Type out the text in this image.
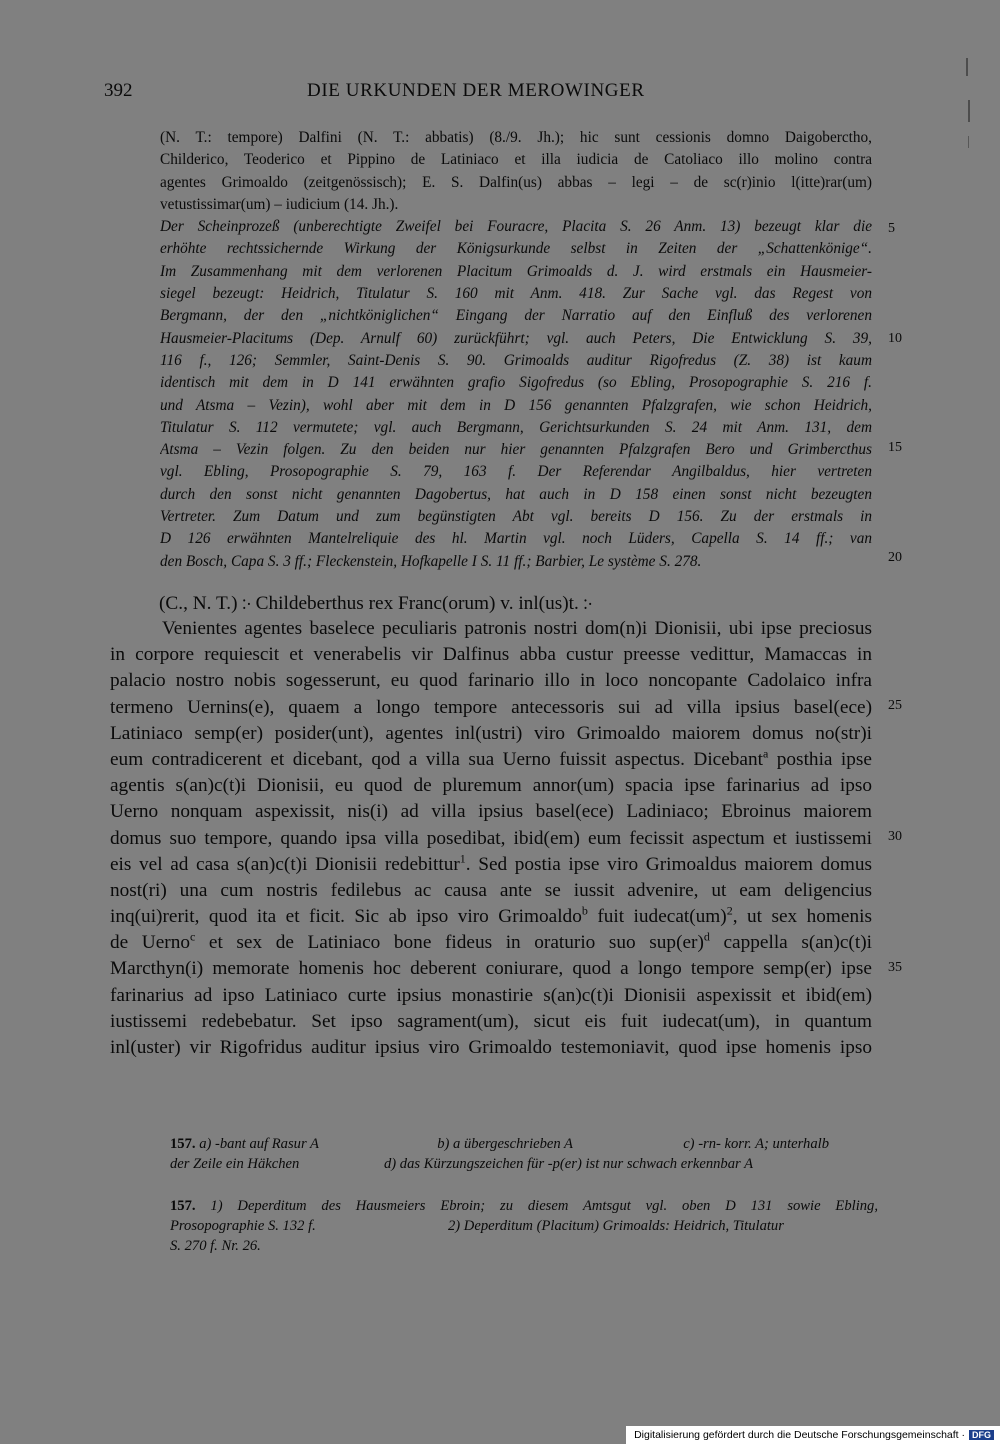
392	DIE URKUNDEN DER MEROWINGER
(N. T.: tempore) Dalfini (N. T.: abbatis) (8./9. Jh.); hic sunt cessionis domno Daigoberctho,
Childerico, Teoderico et Pippino de Latiniaco et illa iudicia de Catoliaco illo molino contra
agentes Grimoaldo (zeitgenössisch); E. S. Dalfin(us) abbas – legi – de sc(r)inio l(itte)rar(um)
vetustissimar(um) – iudicium (14. Jh.).
Der Scheinprozeß (unberechtigte Zweifel bei Fouracre, Placita S. 26 Anm. 13) bezeugt klar die
erhöhte rechtssichernde Wirkung der Königsurkunde selbst in Zeiten der „Schattenkönige“.
Im Zusammenhang mit dem verlorenen Placitum Grimoalds d. J. wird erstmals ein Hausmeier-
siegel bezeugt: Heidrich, Titulatur S. 160 mit Anm. 418. Zur Sache vgl. das Regest von
Bergmann, der den „nichtköniglichen“ Eingang der Narratio auf den Einfluß des verlorenen
Hausmeier-Placitums (Dep. Arnulf 60) zurückführt; vgl. auch Peters, Die Entwicklung S. 39,
116 f., 126; Semmler, Saint-Denis S. 90. Grimoalds auditur Rigofredus (Z. 38) ist kaum
identisch mit dem in D 141 erwähnten grafio Sigofredus (so Ebling, Prosopographie S. 216 f.
und Atsma – Vezin), wohl aber mit dem in D 156 genannten Pfalzgrafen, wie schon Heidrich,
Titulatur S. 112 vermutete; vgl. auch Bergmann, Gerichtsurkunden S. 24 mit Anm. 131, dem
Atsma – Vezin folgen. Zu den beiden nur hier genannten Pfalzgrafen Bero und Grimbercthus
vgl. Ebling, Prosopographie S. 79, 163 f. Der Referendar Angilbaldus, hier vertreten
durch den sonst nicht genannten Dagobertus, hat auch in D 158 einen sonst nicht bezeugten
Vertreter. Zum Datum und zum begünstigten Abt vgl. bereits D 156. Zu der erstmals in
D 126 erwähnten Mantelreliquie des hl. Martin vgl. noch Lüders, Capella S. 14 ff.; van
den Bosch, Capa S. 3 ff.; Fleckenstein, Hofkapelle I S. 11 ff.; Barbier, Le système S. 278.
5
10
15
20
(C., N. T.) ჻ Childeberthus rex Franc(orum) v. inl(us)t. ჻
Venientes agentes baselece peculiaris patronis nostri dom(n)i Dionisii, ubi ipse preciosus
in corpore requiescit et venerabelis vir Dalfinus abba custur preesse vedittur, Mamaccas in
palacio nostro nobis sogesserunt, eu quod farinario illo in loco noncopante Cadolaico infra
termeno Uernins(e), quaem a longo tempore antecessoris sui ad villa ipsius basel(ece)
Latiniaco semp(er) posider(unt), agentes inl(ustri) viro Grimoaldo maiorem domus no(str)i
eum contradicerent et dicebant, qod a villa sua Uerno fuissit aspectus. Dicebant$^a$ posthia ipse
agentis s(an)c(t)i Dionisii, eu quod de pluremum annor(um) spacia ipse farinarius ad ipso
Uerno nonquam aspexissit, nis(i) ad villa ipsius basel(ece) Ladiniaco; Ebroinus maiorem
domus suo tempore, quando ipsa villa posedibat, ibid(em) eum fecissit aspectum et iustissemi
eis vel ad casa s(an)c(t)i Dionisii redebittur$^1$. Sed postia ipse viro Grimoaldus maiorem domus
nost(ri) una cum nostris fedilebus ac causa ante se iussit advenire, ut eam deligencius
inq(ui)rerit, quod ita et ficit. Sic ab ipso viro Grimoaldo$^b$ fuit iudecat(um)$^2$, ut sex homenis
de Uerno$^c$ et sex de Latiniaco bone fideus in oraturio suo sup(er)$^d$ cappella s(an)c(t)i
Marcthyn(i) memorate homenis hoc deberent coniurare, quod a longo tempore semp(er) ipse
farinarius ad ipso Latiniaco curte ipsius monastirie s(an)c(t)i Dionisii aspexissit et ibid(em)
iustissemi redebebatur. Set ipso sagrament(um), sicut eis fuit iudecat(um), in quantum
inl(uster) vir Rigofridus auditur ipsius viro Grimoaldo testemoniavit, quod ipse homenis ipso
25
30
35
157. a) -bant auf Rasur A	b) a übergeschrieben A	c) -rn- korr. A; unterhalb
der Zeile ein Häkchen	d) das Kürzungszeichen für -p(er) ist nur schwach erkennbar A
157. 1) Deperditum des Hausmeiers Ebroin; zu diesem Amtsgut vgl. oben D 131 sowie Ebling,
Prosopographie S. 132 f.	2) Deperditum (Placitum) Grimoalds: Heidrich, Titulatur
S. 270 f. Nr. 26.
Digitalisierung gefördert durch die Deutsche Forschungsgemeinschaft · DFG
